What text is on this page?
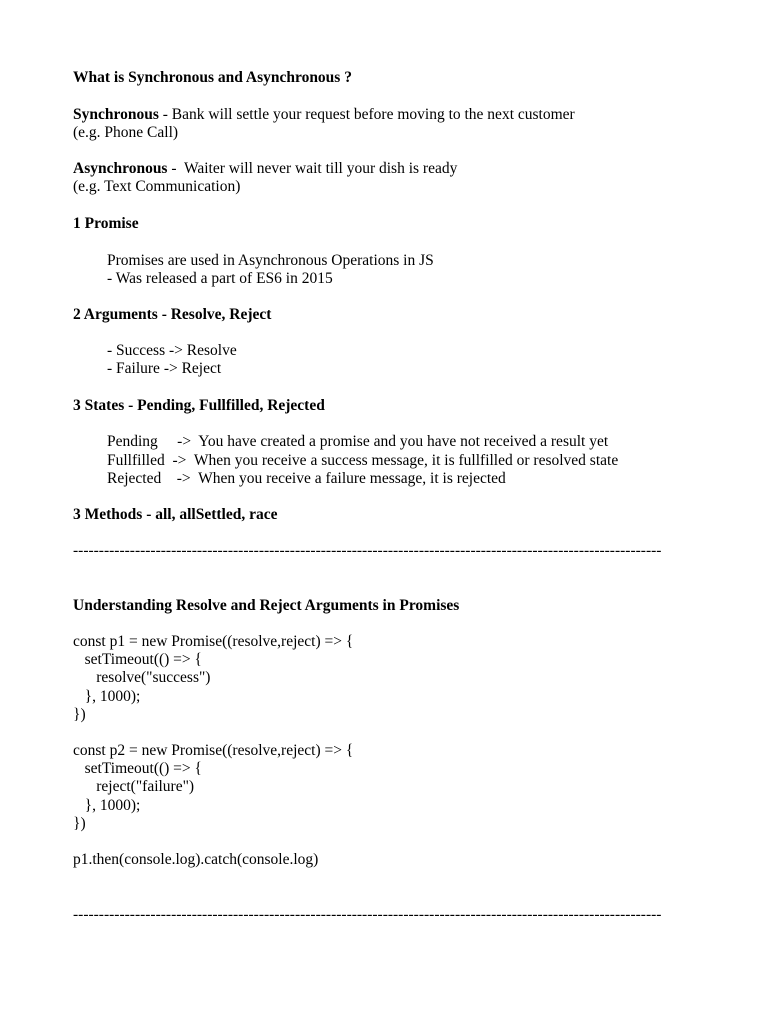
What is Synchronous and Asynchronous ?

Synchronous - Bank will settle your request before moving to the next customer

(e.g. Phone Call)

Asynchronous -  Waiter will never wait till your dish is ready

(e.g. Text Communication)

1 Promise

Promises are used in Asynchronous Operations in JS

- Was released a part of ES6 in 2015

2 Arguments - Resolve, Reject

- Success -> Resolve

- Failure -> Reject

3 States - Pending, Fullfilled, Rejected

Pending     ->  You have created a promise and you have not received a result yet

Fullfilled  ->  When you receive a success message, it is fullfilled or resolved state

Rejected    ->  When you receive a failure message, it is rejected

3 Methods - all, allSettled, race

------------------------------------------------------------------------------------------------------------------

Understanding Resolve and Reject Arguments in Promises

const p1 = new Promise((resolve,reject) => {

setTimeout(() => {

resolve("success")

}, 1000);

})

const p2 = new Promise((resolve,reject) => {

setTimeout(() => {

reject("failure")

}, 1000);

})

p1.then(console.log).catch(console.log)

------------------------------------------------------------------------------------------------------------------
